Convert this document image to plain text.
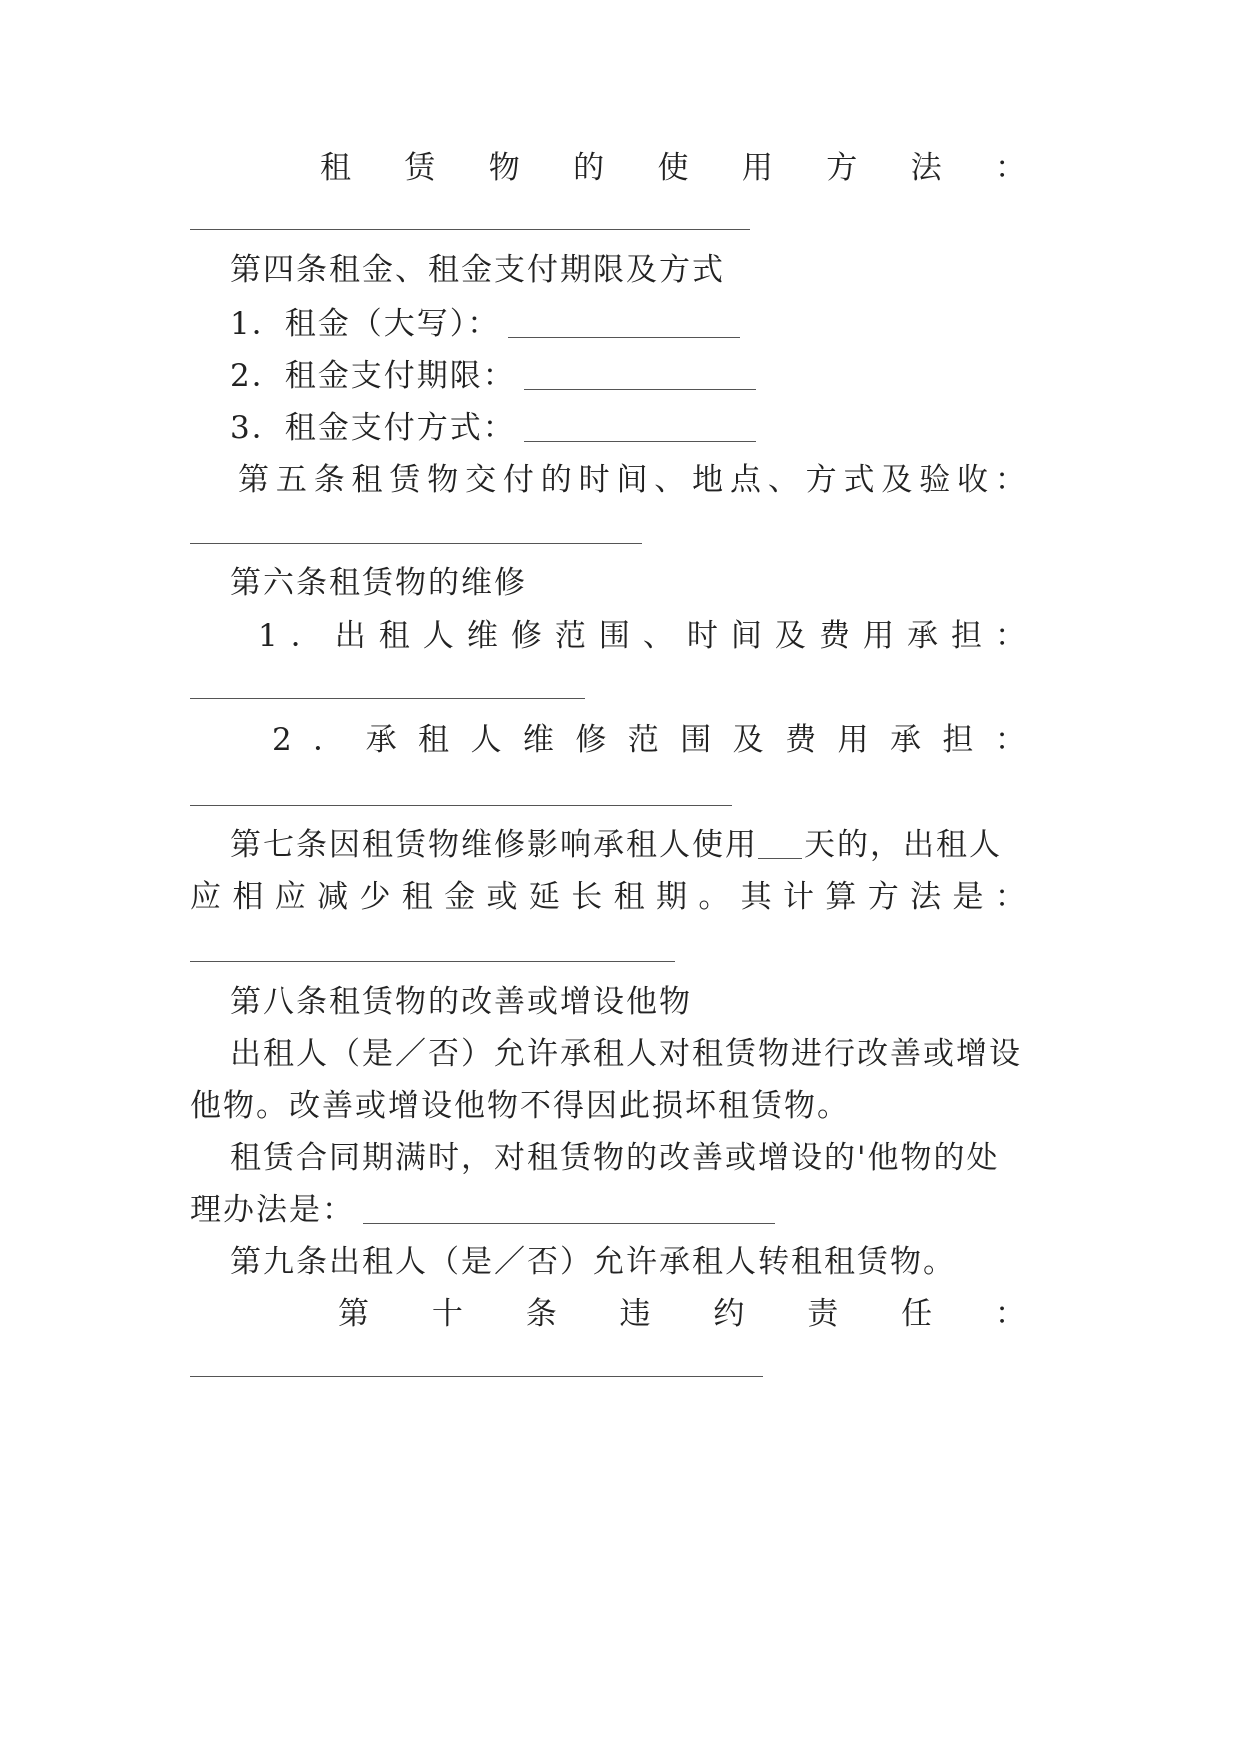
租 赁 物 的 使 用 方 法 ：
第四条租金、租金支付期限及方式
1．租金（大写）：
2．租金支付期限：
3．租金支付方式：
第 五 条 租 赁 物 交 付 的 时 间 、 地 点 、 方 式 及 验 收 ：
第六条租赁物的维修
1 ． 出 租 人 维 修 范 围 、 时 间 及 费 用 承 担 ：
2 ． 承 租 人 维 修 范 围 及 费 用 承 担 ：
第七条因租赁物维修影响承租人使用 天的，出租人
应 相 应 减 少 租 金 或 延 长 租 期 。 其 计 算 方 法 是 ：
第八条租赁物的改善或增设他物
出租人（是／否）允许承租人对租赁物进行改善或增设
他物。改善或增设他物不得因此损坏租赁物。
租赁合同期满时，对租赁物的改善或增设的'他物的处
理办法是：
第九条出租人（是／否）允许承租人转租租赁物。
第 十 条 违 约 责 任 ：
